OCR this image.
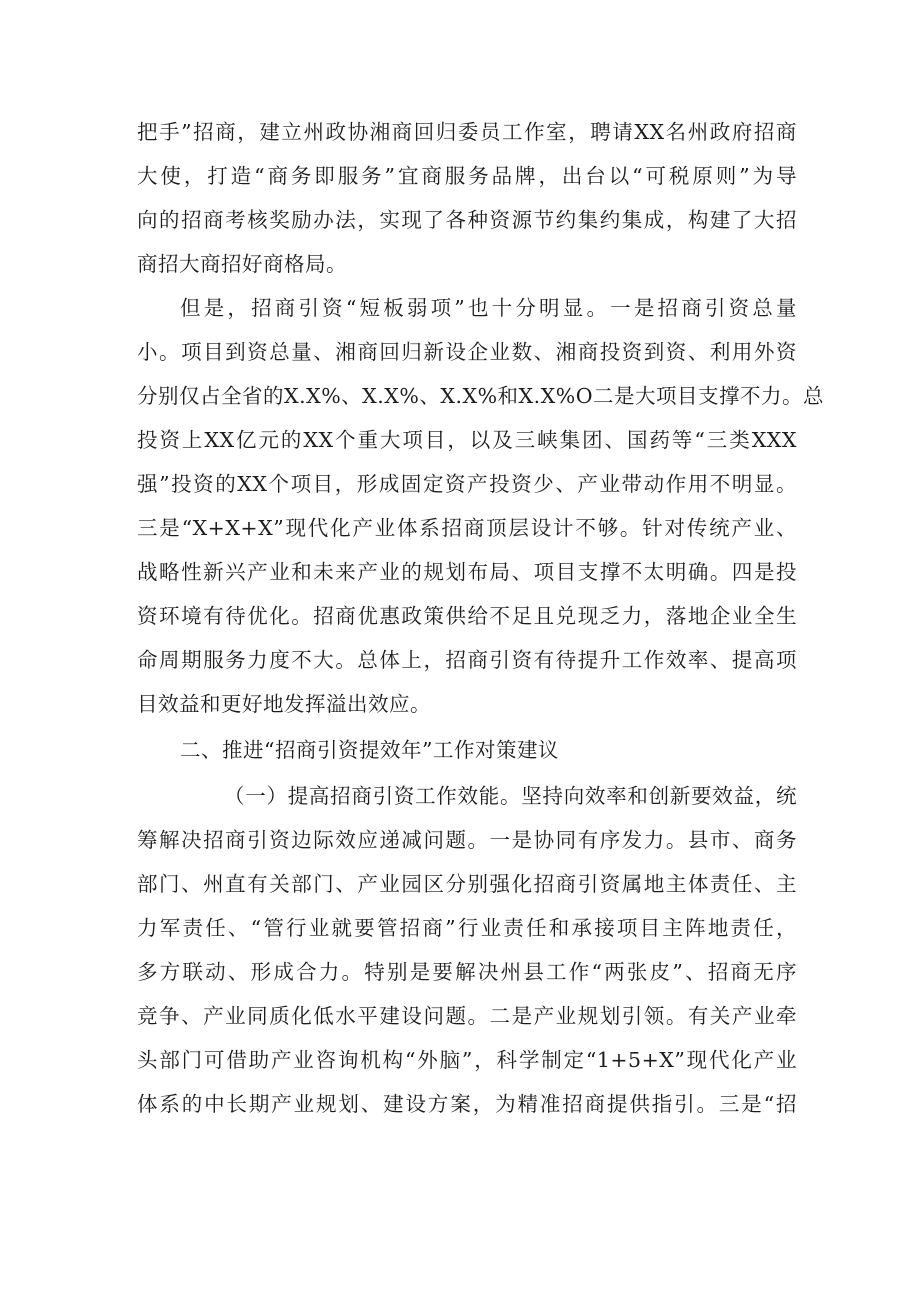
把手”招商，建立州政协湘商回归委员工作室，聘请XX名州政府招商
大使，打造“商务即服务”宜商服务品牌，出台以“可税原则”为导
向的招商考核奖励办法，实现了各种资源节约集约集成，构建了大招
商招大商招好商格局。
但是，招商引资“短板弱项”也十分明显。一是招商引资总量
小。项目到资总量、湘商回归新设企业数、湘商投资到资、利用外资
分别仅占全省的X.X%、X.X%、X.X%和X.X%O二是大项目支撑不力。总
投资上XX亿元的XX个重大项目，以及三峡集团、国药等“三类XXX
强”投资的XX个项目，形成固定资产投资少、产业带动作用不明显。
三是“X+X+X”现代化产业体系招商顶层设计不够。针对传统产业、
战略性新兴产业和未来产业的规划布局、项目支撑不太明确。四是投
资环境有待优化。招商优惠政策供给不足且兑现乏力，落地企业全生
命周期服务力度不大。总体上，招商引资有待提升工作效率、提高项
目效益和更好地发挥溢出效应。
二、推进“招商引资提效年”工作对策建议
（一）提高招商引资工作效能。坚持向效率和创新要效益，统
筹解决招商引资边际效应递减问题。一是协同有序发力。县市、商务
部门、州直有关部门、产业园区分别强化招商引资属地主体责任、主
力军责任、“管行业就要管招商”行业责任和承接项目主阵地责任，
多方联动、形成合力。特别是要解决州县工作“两张皮”、招商无序
竞争、产业同质化低水平建设问题。二是产业规划引领。有关产业牵
头部门可借助产业咨询机构“外脑”，科学制定“1+5+X”现代化产业
体系的中长期产业规划、建设方案，为精准招商提供指引。三是“招
